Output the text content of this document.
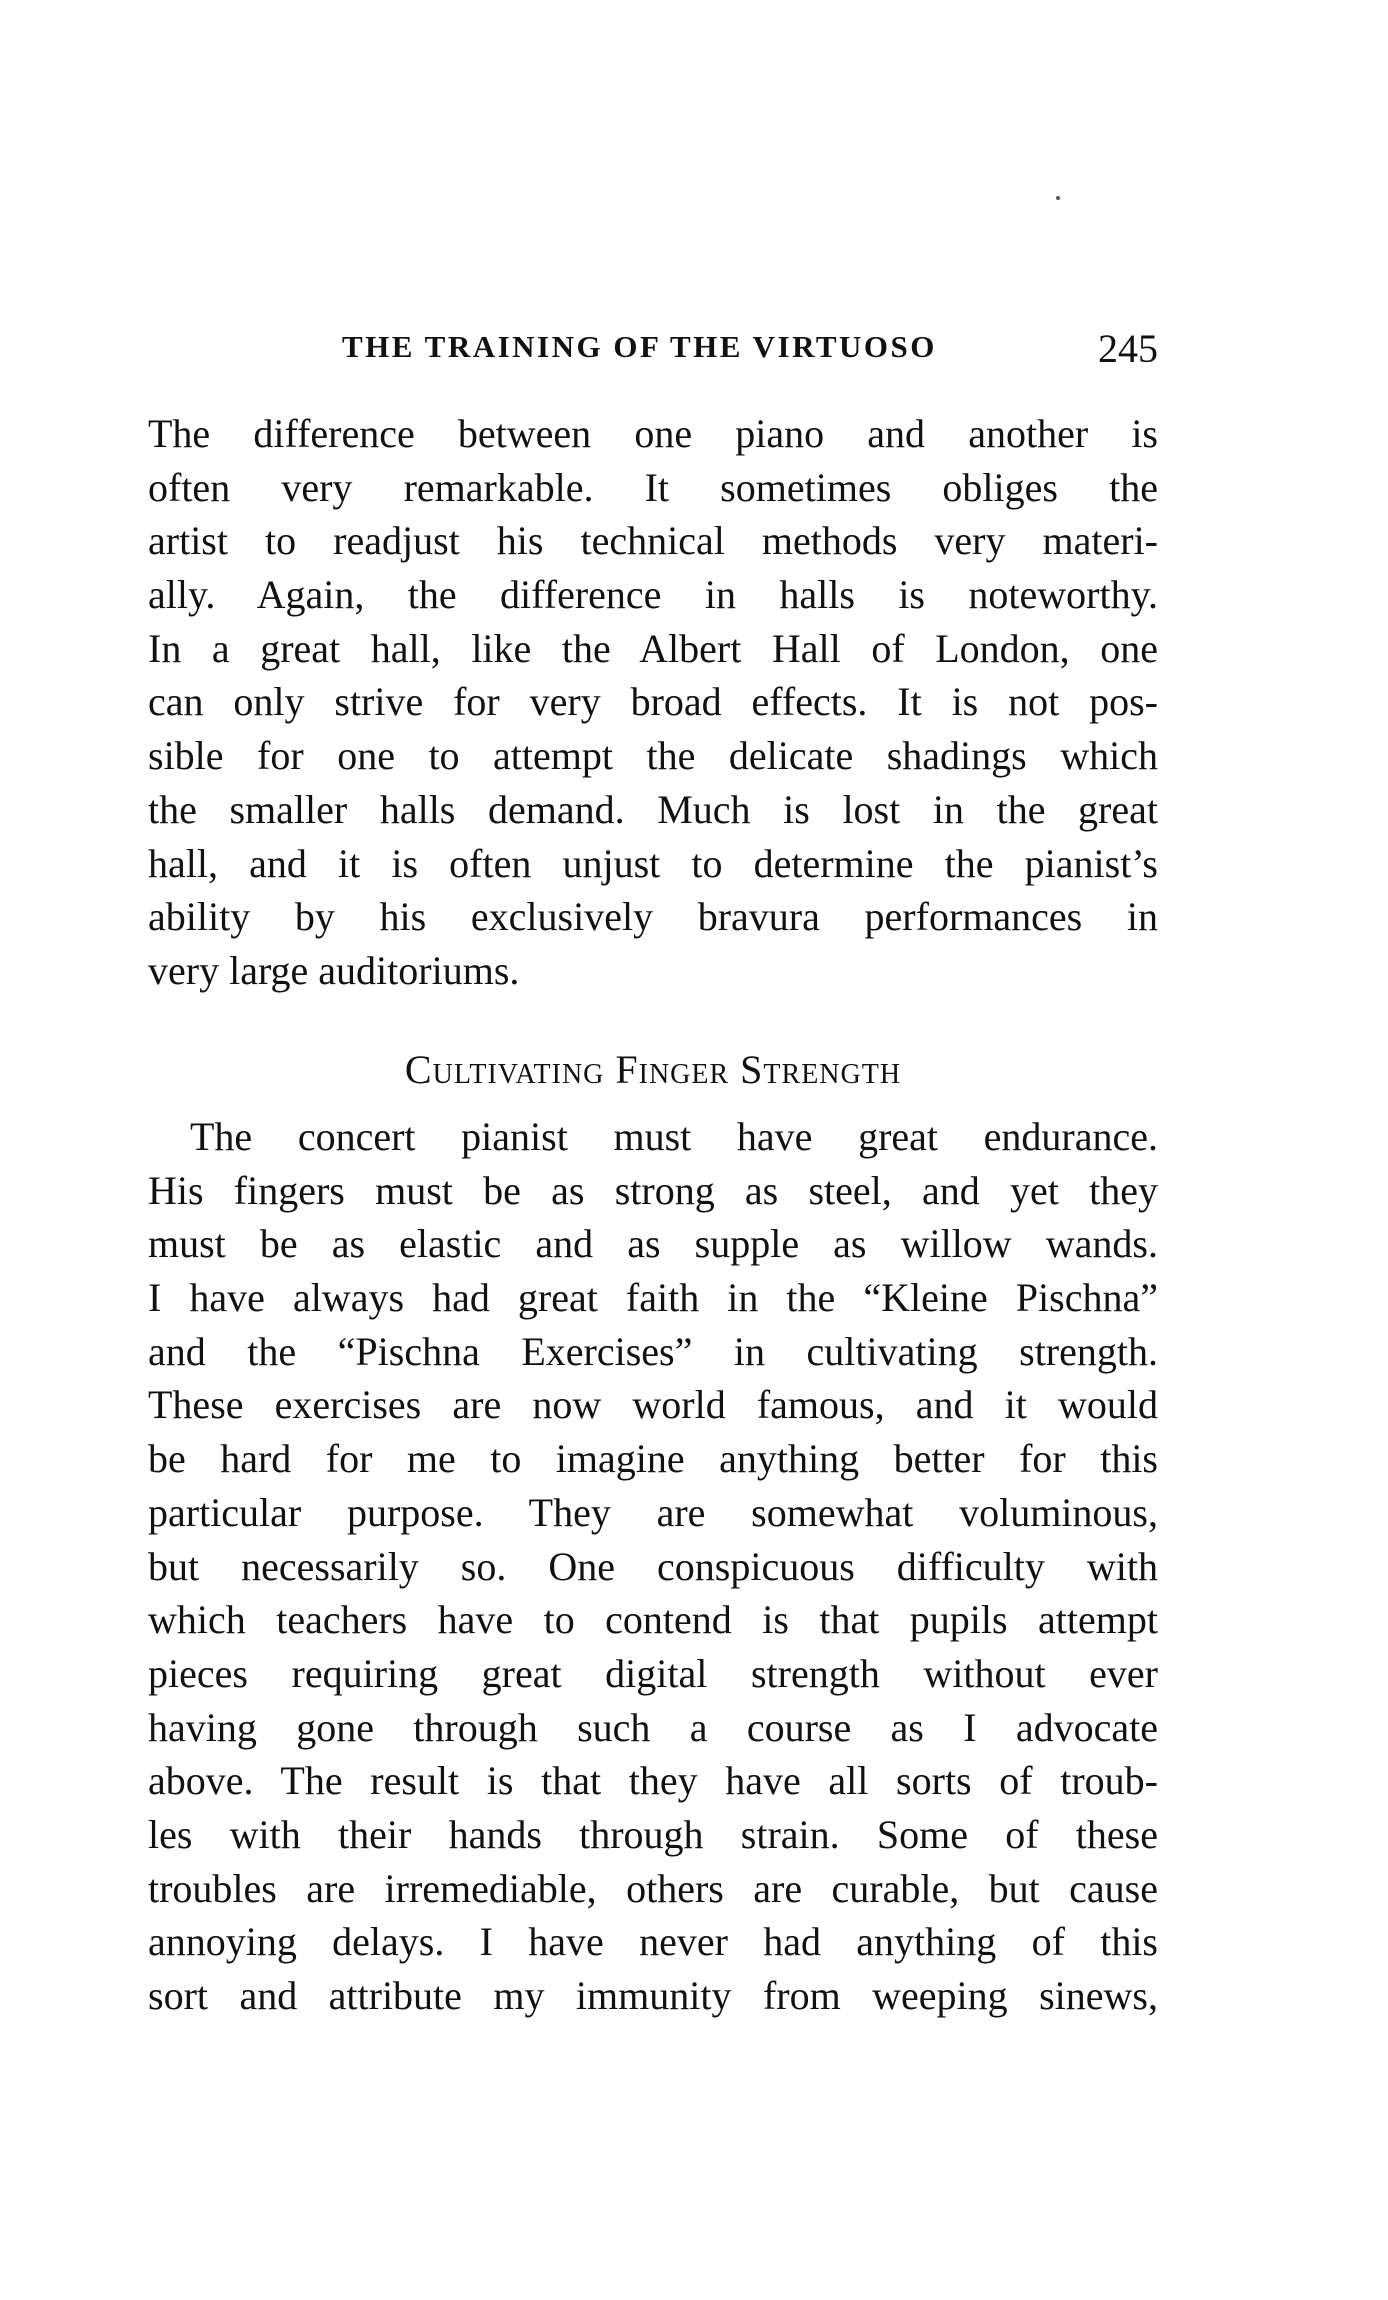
THE TRAINING OF THE VIRTUOSO	245
The difference between one piano and another is
often very remarkable. It sometimes obliges the
artist to readjust his technical methods very materi-
ally. Again, the difference in halls is noteworthy.
In a great hall, like the Albert Hall of London, one
can only strive for very broad effects. It is not pos-
sible for one to attempt the delicate shadings which
the smaller halls demand. Much is lost in the great
hall, and it is often unjust to determine the pianist’s
ability by his exclusively bravura performances in
very large auditoriums.
Cultivating Finger Strength
The concert pianist must have great endurance.
His fingers must be as strong as steel, and yet they
must be as elastic and as supple as willow wands.
I have always had great faith in the “Kleine Pischna”
and the “Pischna Exercises” in cultivating strength.
These exercises are now world famous, and it would
be hard for me to imagine anything better for this
particular purpose. They are somewhat voluminous,
but necessarily so. One conspicuous difficulty with
which teachers have to contend is that pupils attempt
pieces requiring great digital strength without ever
having gone through such a course as I advocate
above. The result is that they have all sorts of troub-
les with their hands through strain. Some of these
troubles are irremediable, others are curable, but cause
annoying delays. I have never had anything of this
sort and attribute my immunity from weeping sinews,
